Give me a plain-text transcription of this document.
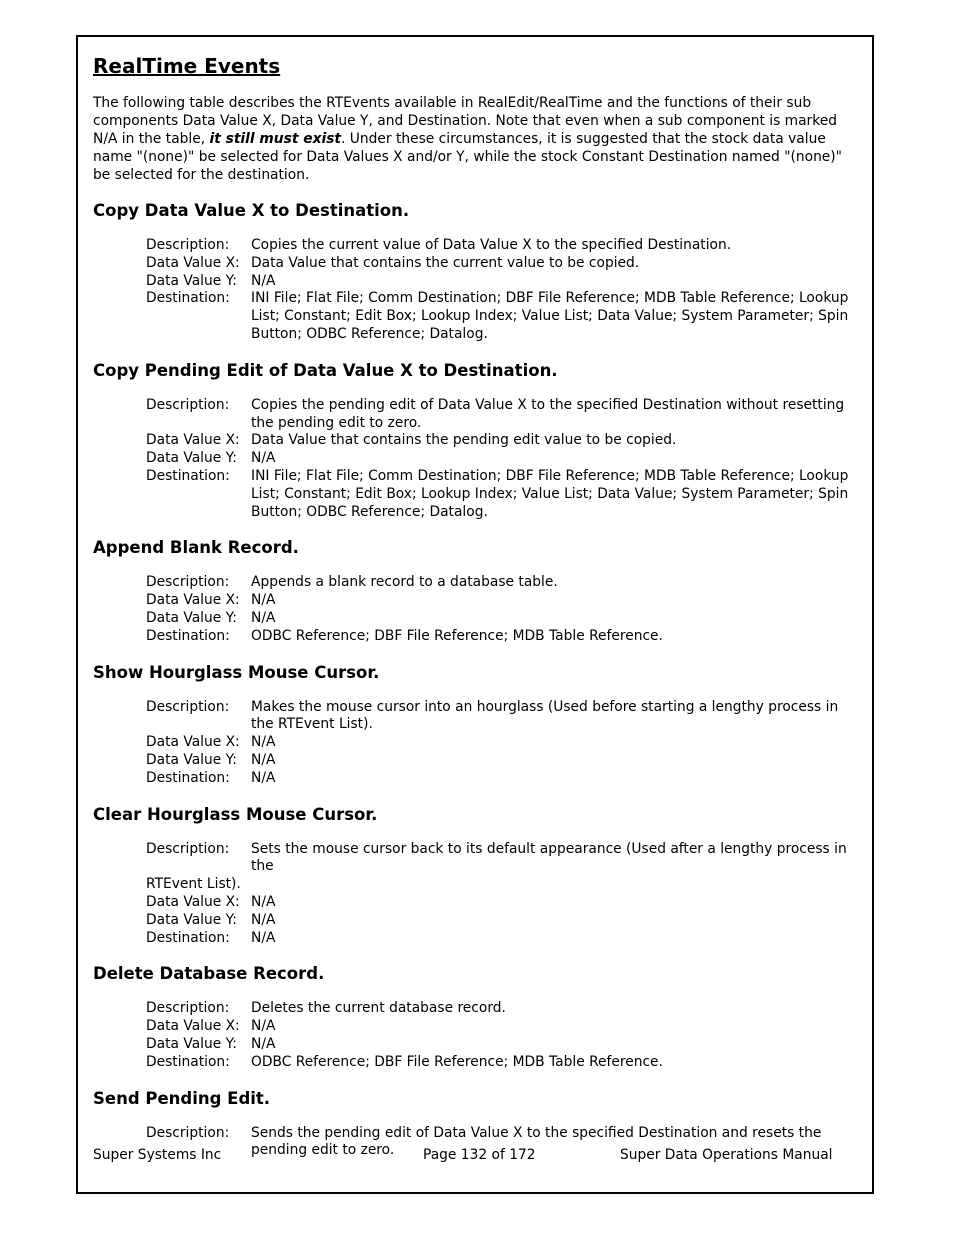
RealTime Events

The following table describes the RTEvents available in RealEdit/RealTime and the functions of their sub components Data Value X, Data Value Y, and Destination. Note that even when a sub component is marked N/A in the table, it still must exist. Under these circumstances, it is suggested that the stock data value name "(none)" be selected for Data Values X and/or Y, while the stock Constant Destination named "(none)" be selected for the destination.

Copy Data Value X to Destination.
Description:	Copies the current value of Data Value X to the specified Destination.
Data Value X: Data Value that contains the current value to be copied.
Data Value Y:	N/A
Destination:	INI File; Flat File; Comm Destination; DBF File Reference; MDB Table Reference; Lookup List; Constant; Edit Box; Lookup Index; Value List; Data Value; System Parameter; Spin Button; ODBC Reference; Datalog.
Copy Pending Edit of Data Value X to Destination.
Description:	Copies the pending edit of Data Value X to the specified Destination without resetting the pending edit to zero.
Data Value X: Data Value that contains the pending edit value to be copied.
Data Value Y:	N/A
Destination:	INI File; Flat File; Comm Destination; DBF File Reference; MDB Table Reference; Lookup List; Constant; Edit Box; Lookup Index; Value List; Data Value; System Parameter; Spin Button; ODBC Reference; Datalog.
Append Blank Record.
Description:	Appends a blank record to a database table.
Data Value X: N/A
Data Value Y:	N/A
Destination:	ODBC Reference; DBF File Reference; MDB Table Reference.
Show Hourglass Mouse Cursor.
Description:	Makes the mouse cursor into an hourglass (Used before starting a lengthy process in the RTEvent List).
Data Value X: N/A
Data Value Y:	N/A
Destination:	N/A
Clear Hourglass Mouse Cursor.
Description:	Sets the mouse cursor back to its default appearance (Used after a lengthy process in the
RTEvent List).
Data Value X: N/A
Data Value Y:	N/A
Destination:	N/A
Delete Database Record.
Description:	Deletes the current database record.
Data Value X: N/A
Data Value Y:	N/A
Destination:	ODBC Reference; DBF File Reference; MDB Table Reference.
Send Pending Edit.
Description:	Sends the pending edit of Data Value X to the specified Destination and resets the pending edit to zero.
Super Systems Inc	Page 132 of 172	Super Data Operations Manual
